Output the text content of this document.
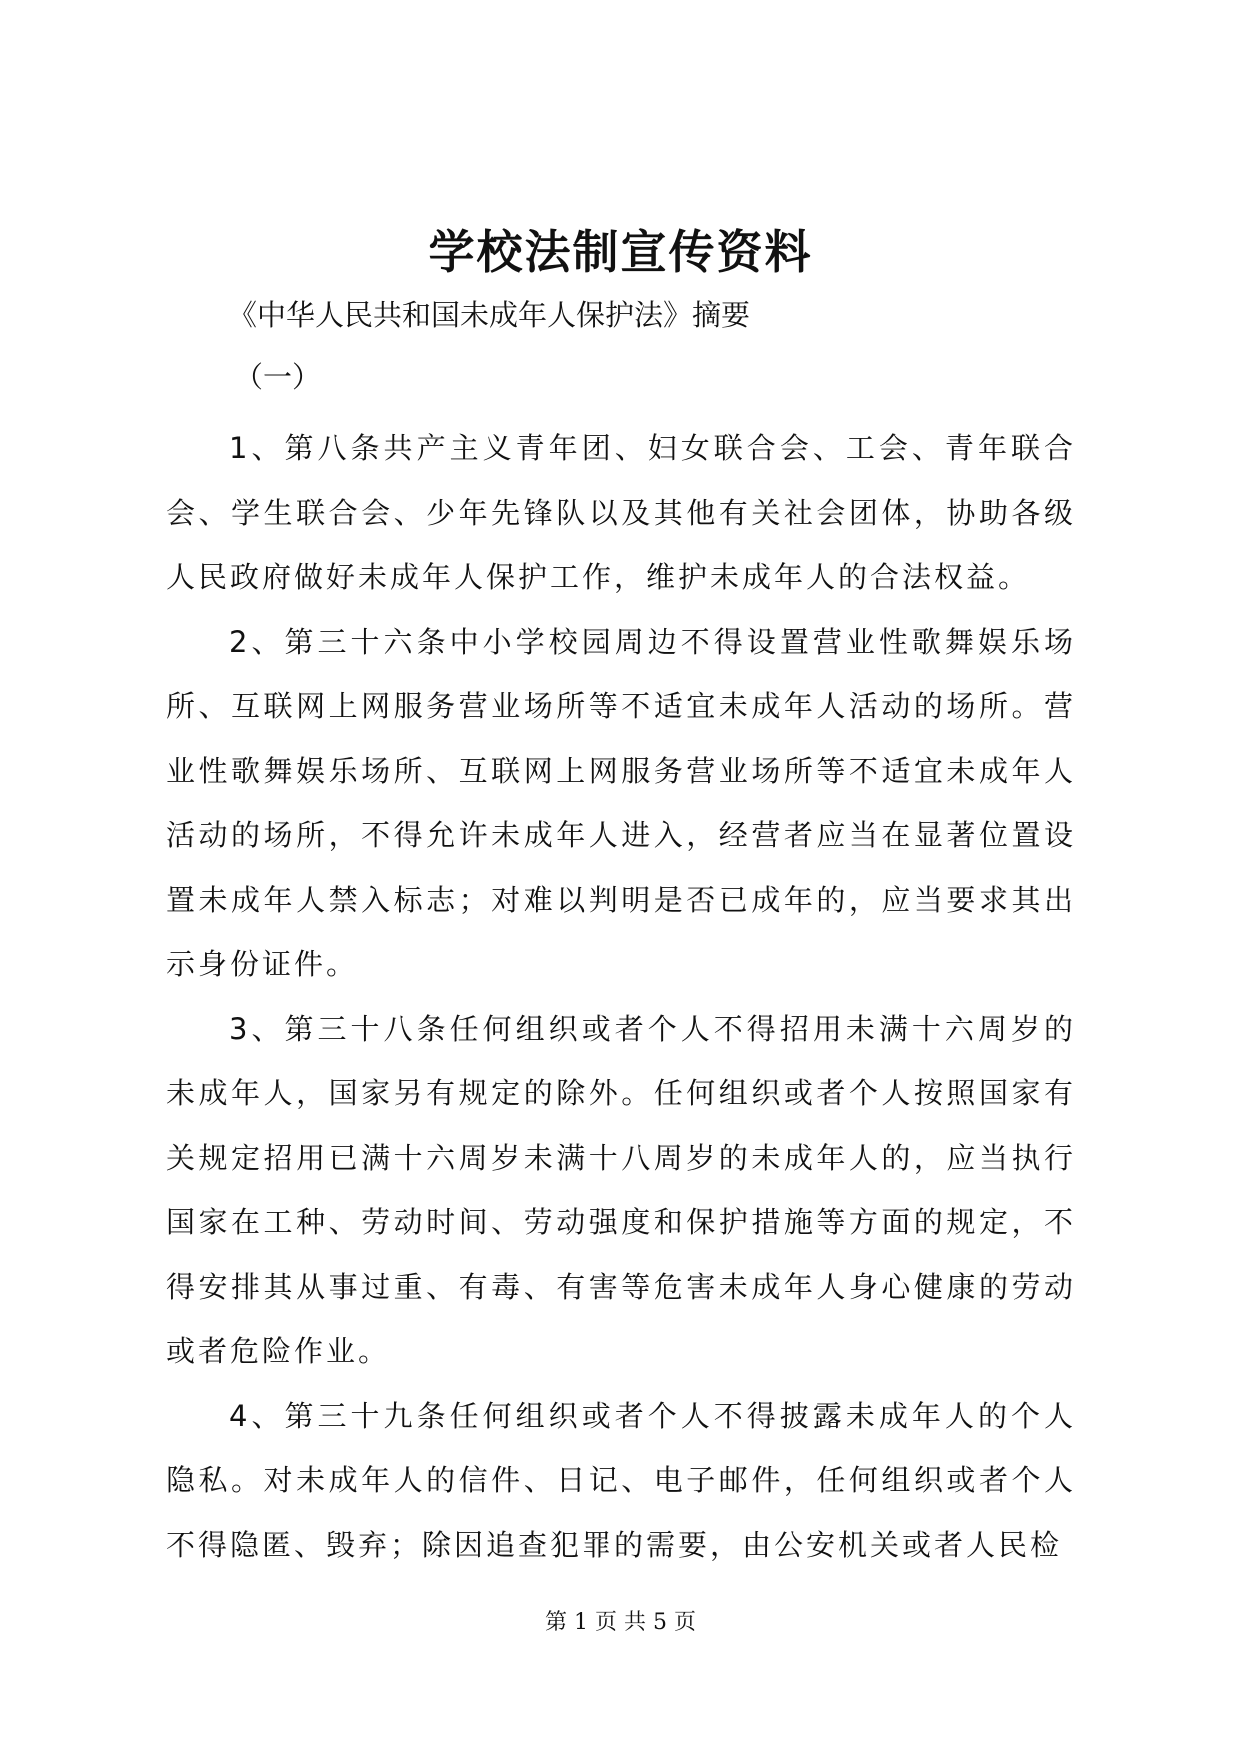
学校法制宣传资料
《中华人民共和国未成年人保护法》摘要
（一）

1、第八条共产主义青年团、妇女联合会、工会、青年联合会、学生联合会、少年先锋队以及其他有关社会团体，协助各级人民政府做好未成年人保护工作，维护未成年人的合法权益。

2、第三十六条中小学校园周边不得设置营业性歌舞娱乐场所、互联网上网服务营业场所等不适宜未成年人活动的场所。营业性歌舞娱乐场所、互联网上网服务营业场所等不适宜未成年人活动的场所，不得允许未成年人进入，经营者应当在显著位置设置未成年人禁入标志；对难以判明是否已成年的，应当要求其出示身份证件。

3、第三十八条任何组织或者个人不得招用未满十六周岁的未成年人，国家另有规定的除外。任何组织或者个人按照国家有关规定招用已满十六周岁未满十八周岁的未成年人的，应当执行国家在工种、劳动时间、劳动强度和保护措施等方面的规定，不得安排其从事过重、有毒、有害等危害未成年人身心健康的劳动或者危险作业。

4、第三十九条任何组织或者个人不得披露未成年人的个人隐私。对未成年人的信件、日记、电子邮件，任何组织或者个人不得隐匿、毁弃；除因追查犯罪的需要，由公安机关或者人民检

第 1 页 共 5 页
